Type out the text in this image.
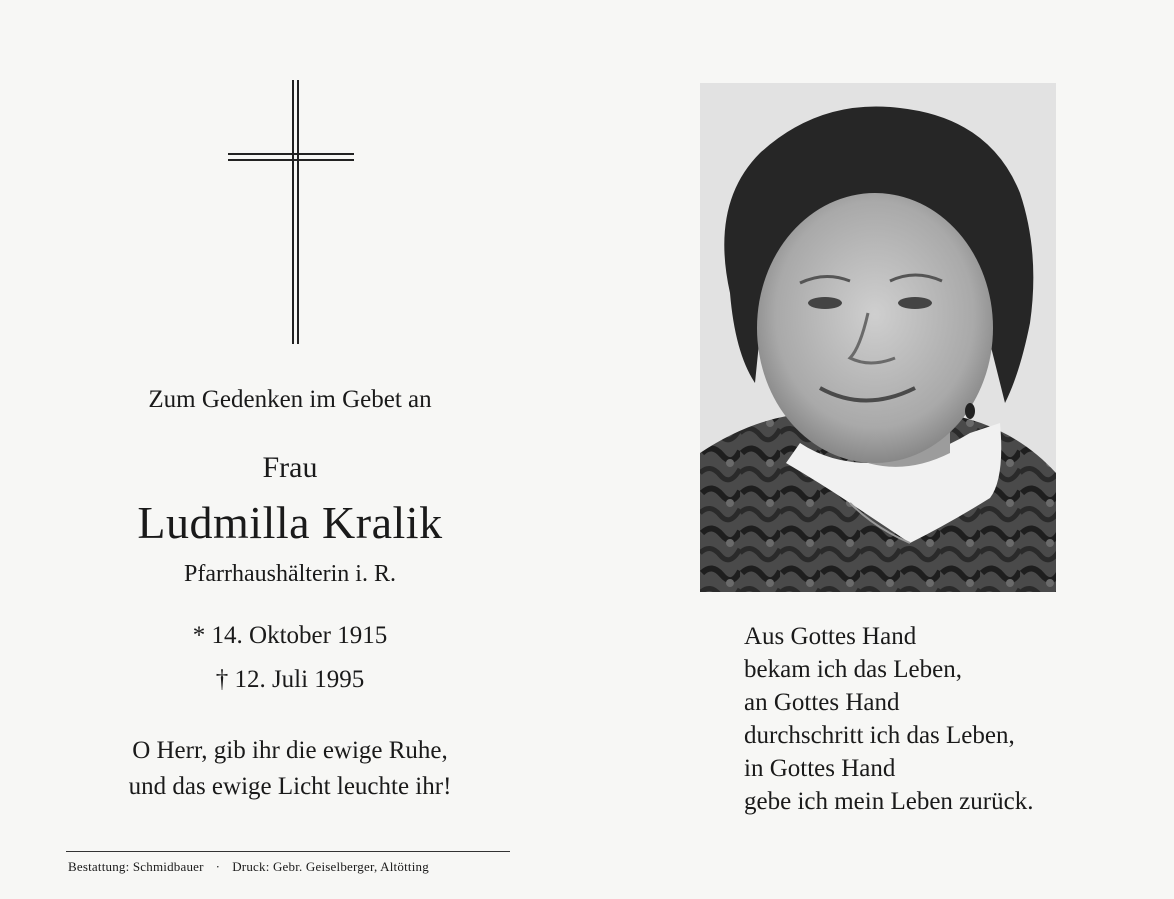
Zum Gedenken im Gebet an
Frau
Ludmilla Kralik
Pfarrhaushälterin i. R.
* 14. Oktober 1915
† 12. Juli 1995
O Herr, gib ihr die ewige Ruhe,
und das ewige Licht leuchte ihr!
Bestattung: Schmidbauer · Druck: Gebr. Geiselberger, Altötting
Aus Gottes Hand
bekam ich das Leben,
an Gottes Hand
durchschritt ich das Leben,
in Gottes Hand
gebe ich mein Leben zurück.
